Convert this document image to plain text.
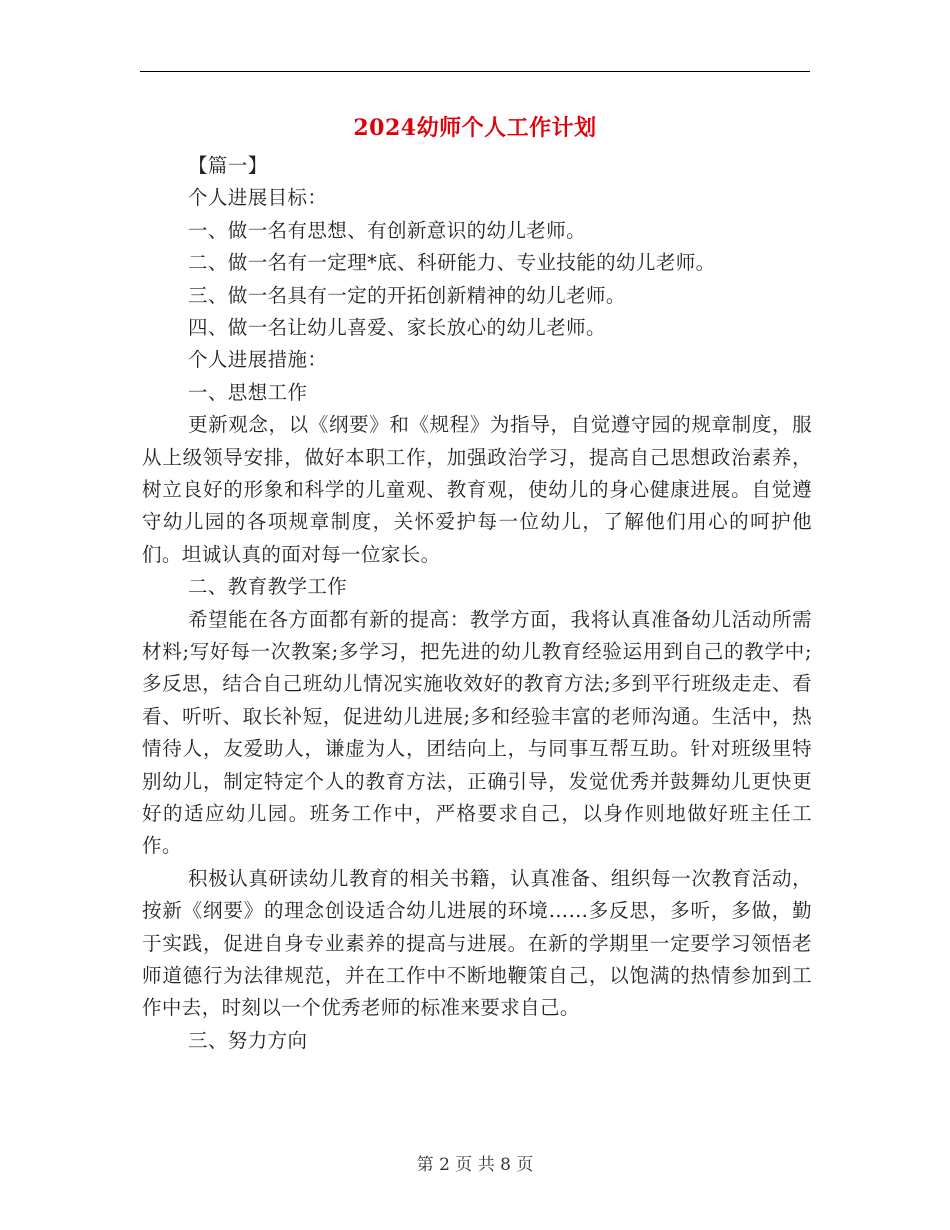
2024幼师个人工作计划
【篇一】
个人进展目标：
一、做一名有思想、有创新意识的幼儿老师。
二、做一名有一定理*底、科研能力、专业技能的幼儿老师。
三、做一名具有一定的开拓创新精神的幼儿老师。
四、做一名让幼儿喜爱、家长放心的幼儿老师。
个人进展措施：
一、思想工作

更新观念，以《纲要》和《规程》为指导，自觉遵守园的规章制度，服从上级领导安排，做好本职工作，加强政治学习，提高自己思想政治素养，树立良好的形象和科学的儿童观、教育观，使幼儿的身心健康进展。自觉遵守幼儿园的各项规章制度，关怀爱护每一位幼儿，了解他们用心的呵护他们。坦诚认真的面对每一位家长。

二、教育教学工作

希望能在各方面都有新的提高：教学方面，我将认真准备幼儿活动所需材料;写好每一次教案;多学习，把先进的幼儿教育经验运用到自己的教学中;多反思，结合自己班幼儿情况实施收效好的教育方法;多到平行班级走走、看看、听听、取长补短，促进幼儿进展;多和经验丰富的老师沟通。生活中，热情待人，友爱助人，谦虚为人，团结向上，与同事互帮互助。针对班级里特别幼儿，制定特定个人的教育方法，正确引导，发觉优秀并鼓舞幼儿更快更好的适应幼儿园。班务工作中，严格要求自己，以身作则地做好班主任工作。

积极认真研读幼儿教育的相关书籍，认真准备、组织每一次教育活动，按新《纲要》的理念创设适合幼儿进展的环境……多反思，多听，多做，勤于实践，促进自身专业素养的提高与进展。在新的学期里一定要学习领悟老师道德行为法律规范，并在工作中不断地鞭策自己，以饱满的热情参加到工作中去，时刻以一个优秀老师的标准来要求自己。

三、努力方向
第 2 页 共 8 页
